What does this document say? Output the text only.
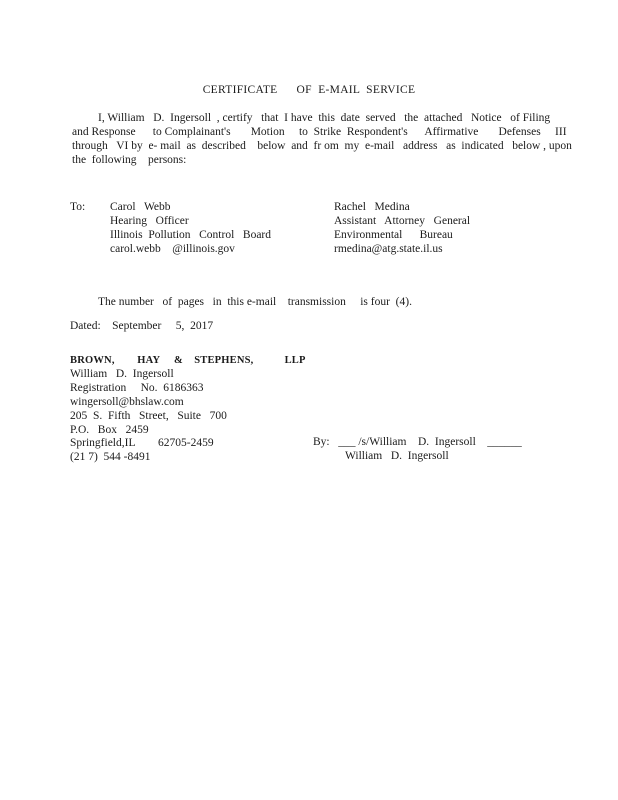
CERTIFICATE      OF  E-MAIL  SERVICE
I, William   D.  Ingersoll  , certify   that  I have  this  date  served   the  attached   Notice   of Filing
and Response      to Complainant's       Motion     to  Strike  Respondent's      Affirmative       Defenses     III
through   VI by  e- mail  as  described    below  and  fr om  my  e-mail   address   as  indicated   below , upon
the  following    persons:
To: Carol   Webb
Hearing   Officer
Illinois  Pollution   Control   Board
carol.webb    @illinois.gov
Rachel   Medina
Assistant   Attorney   General
Environmental      Bureau
rmedina@atg.state.il.us
The number   of  pages   in  this e-mail    transmission     is four  (4).
Dated:    September     5,  2017
BROWN,        HAY     &    STEPHENS,           LLP
William   D.  Ingersoll
Registration     No.  6186363
wingersoll@bhslaw.com
205  S.  Fifth   Street,   Suite   700
P.O.   Box   2459
Springfield,IL        62705-2459
(21 7)  544 -8491
By:   ___ /s/William    D.  Ingersoll    ______
William   D.  Ingersoll
